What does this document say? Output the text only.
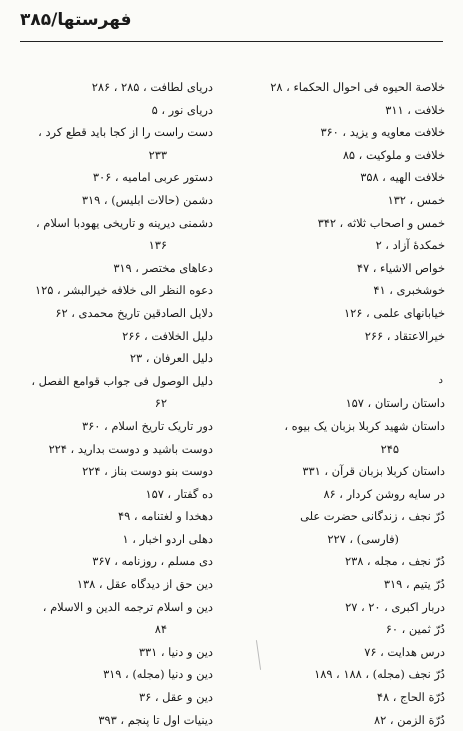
فهرستها/۳۸۵
خلاصة الحیوه فی احوال الحکماء ، ۲۸
خلافت ، ۳۱۱
خلافت معاویه و یزید ، ۳۶۰
خلافت و ملوکیت ، ۸۵
خلافت الهیه ، ۳۵۸
خمس ، ۱۳۲
خمس و اصحاب ثلاثه ، ۳۴۲
خمکدهٔ آزاد ، ۲
خواص الاشیاء ، ۴۷
خوشخبری ، ۴۱
خیابانهای علمی ، ۱۲۶
خیرالاعتقاد ، ۲۶۶
د
داستان راستان ، ۱۵۷
داستان شهید کربلا بزبان یک بیوه ،
۲۴۵
داستان کربلا بزبان قرآن ، ۳۳۱
در سایه روشن کردار ، ۸۶
دُرّ نجف ، زندگانی حضرت علی
(فارسی) ، ۲۲۷
دُرّ نجف ، مجله ، ۲۳۸
دُرّ یتیم ، ۳۱۹
دربار اکبری ، ۲۰ ، ۲۷
دُرّ ثمین ، ۶۰
درس هدایت ، ۷۶
دُرّ نجف (مجله) ، ۱۸۸ ، ۱۸۹
دُرّة الحاج ، ۴۸
دُرّة الزمن ، ۸۲
دریای لطافت ، ۲۸۵ ، ۲۸۶
دریای نور ، ۵
دست راست را از کجا باید قطع کرد ،
۲۳۳
دستور عربی امامیه ، ۳۰۶
دشمن (حالات ابلیس) ، ۳۱۹
دشمنی دیرینه و تاریخی یهودبا اسلام ،
۱۳۶
دعاهای مختصر ، ۳۱۹
دعوه النظر الی خلافه خیرالبشر ، ۱۲۵
دلایل الصادقین تاریخ محمدی ، ۶۲
دلیل الخلافت ، ۲۶۶
دلیل العرفان ، ۲۳
دلیل الوصول فی جواب قوامع الفصل ،
۶۲
دور تاریک تاریخ اسلام ، ۳۶۰
دوست باشید و دوست بدارید ، ۲۲۴
دوست بنو دوست بناز ، ۲۲۴
ده گفتار ، ۱۵۷
دهخدا و لغتنامه ، ۴۹
دهلی اردو اخبار ، ۱
دی مسلم ، روزنامه ، ۳۶۷
دین حق از دیدگاه عقل ، ۱۳۸
دین و اسلام ترجمه الدین و الاسلام ،
۸۴
دین و دنیا ، ۳۳۱
دین و دنیا (مجله) ، ۳۱۹
دین و عقل ، ۳۶
دینیات اول تا پنجم ، ۳۹۳
